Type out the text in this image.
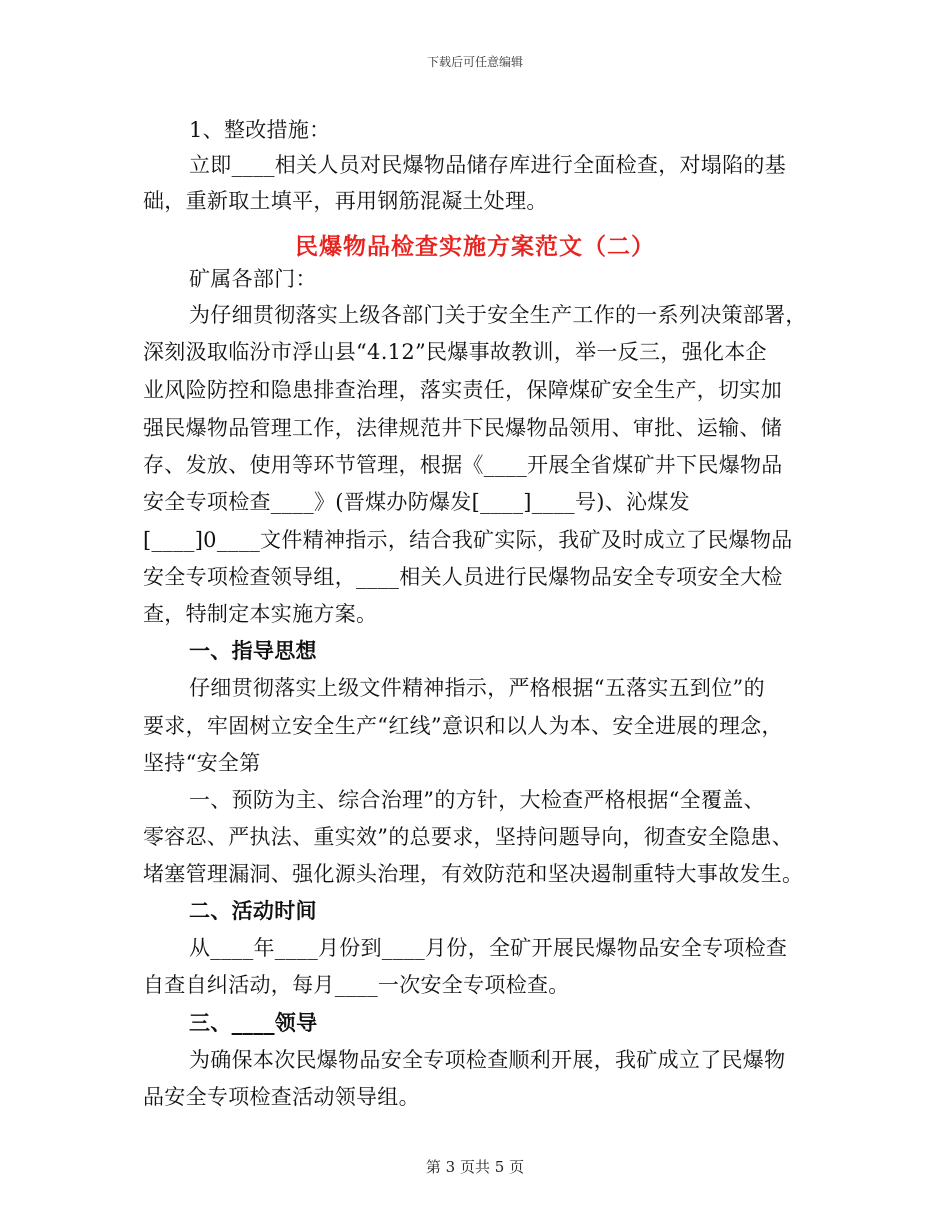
下载后可任意编辑
1、整改措施：
立即____相关人员对民爆物品储存库进行全面检查，对塌陷的基
础，重新取土填平，再用钢筋混凝土处理。
民爆物品检查实施方案范文（二）
矿属各部门：
为仔细贯彻落实上级各部门关于安全生产工作的一系列决策部署，
深刻汲取临汾市浮山县“4.12”民爆事故教训，举一反三，强化本企
业风险防控和隐患排查治理，落实责任，保障煤矿安全生产，切实加
强民爆物品管理工作，法律规范井下民爆物品领用、审批、运输、储
存、发放、使用等环节管理，根据《____开展全省煤矿井下民爆物品
安全专项检查____》(晋煤办防爆发[____]____号)、沁煤发
[____]0____文件精神指示，结合我矿实际，我矿及时成立了民爆物品
安全专项检查领导组，____相关人员进行民爆物品安全专项安全大检
查，特制定本实施方案。
一、指导思想
仔细贯彻落实上级文件精神指示，严格根据“五落实五到位”的
要求，牢固树立安全生产“红线”意识和以人为本、安全进展的理念，
坚持“安全第
一、预防为主、综合治理”的方针，大检查严格根据“全覆盖、
零容忍、严执法、重实效”的总要求，坚持问题导向，彻查安全隐患、
堵塞管理漏洞、强化源头治理，有效防范和坚决遏制重特大事故发生。
二、活动时间
从____年____月份到____月份，全矿开展民爆物品安全专项检查
自查自纠活动，每月____一次安全专项检查。
三、____领导
为确保本次民爆物品安全专项检查顺利开展，我矿成立了民爆物
品安全专项检查活动领导组。
第 3 页共 5 页
